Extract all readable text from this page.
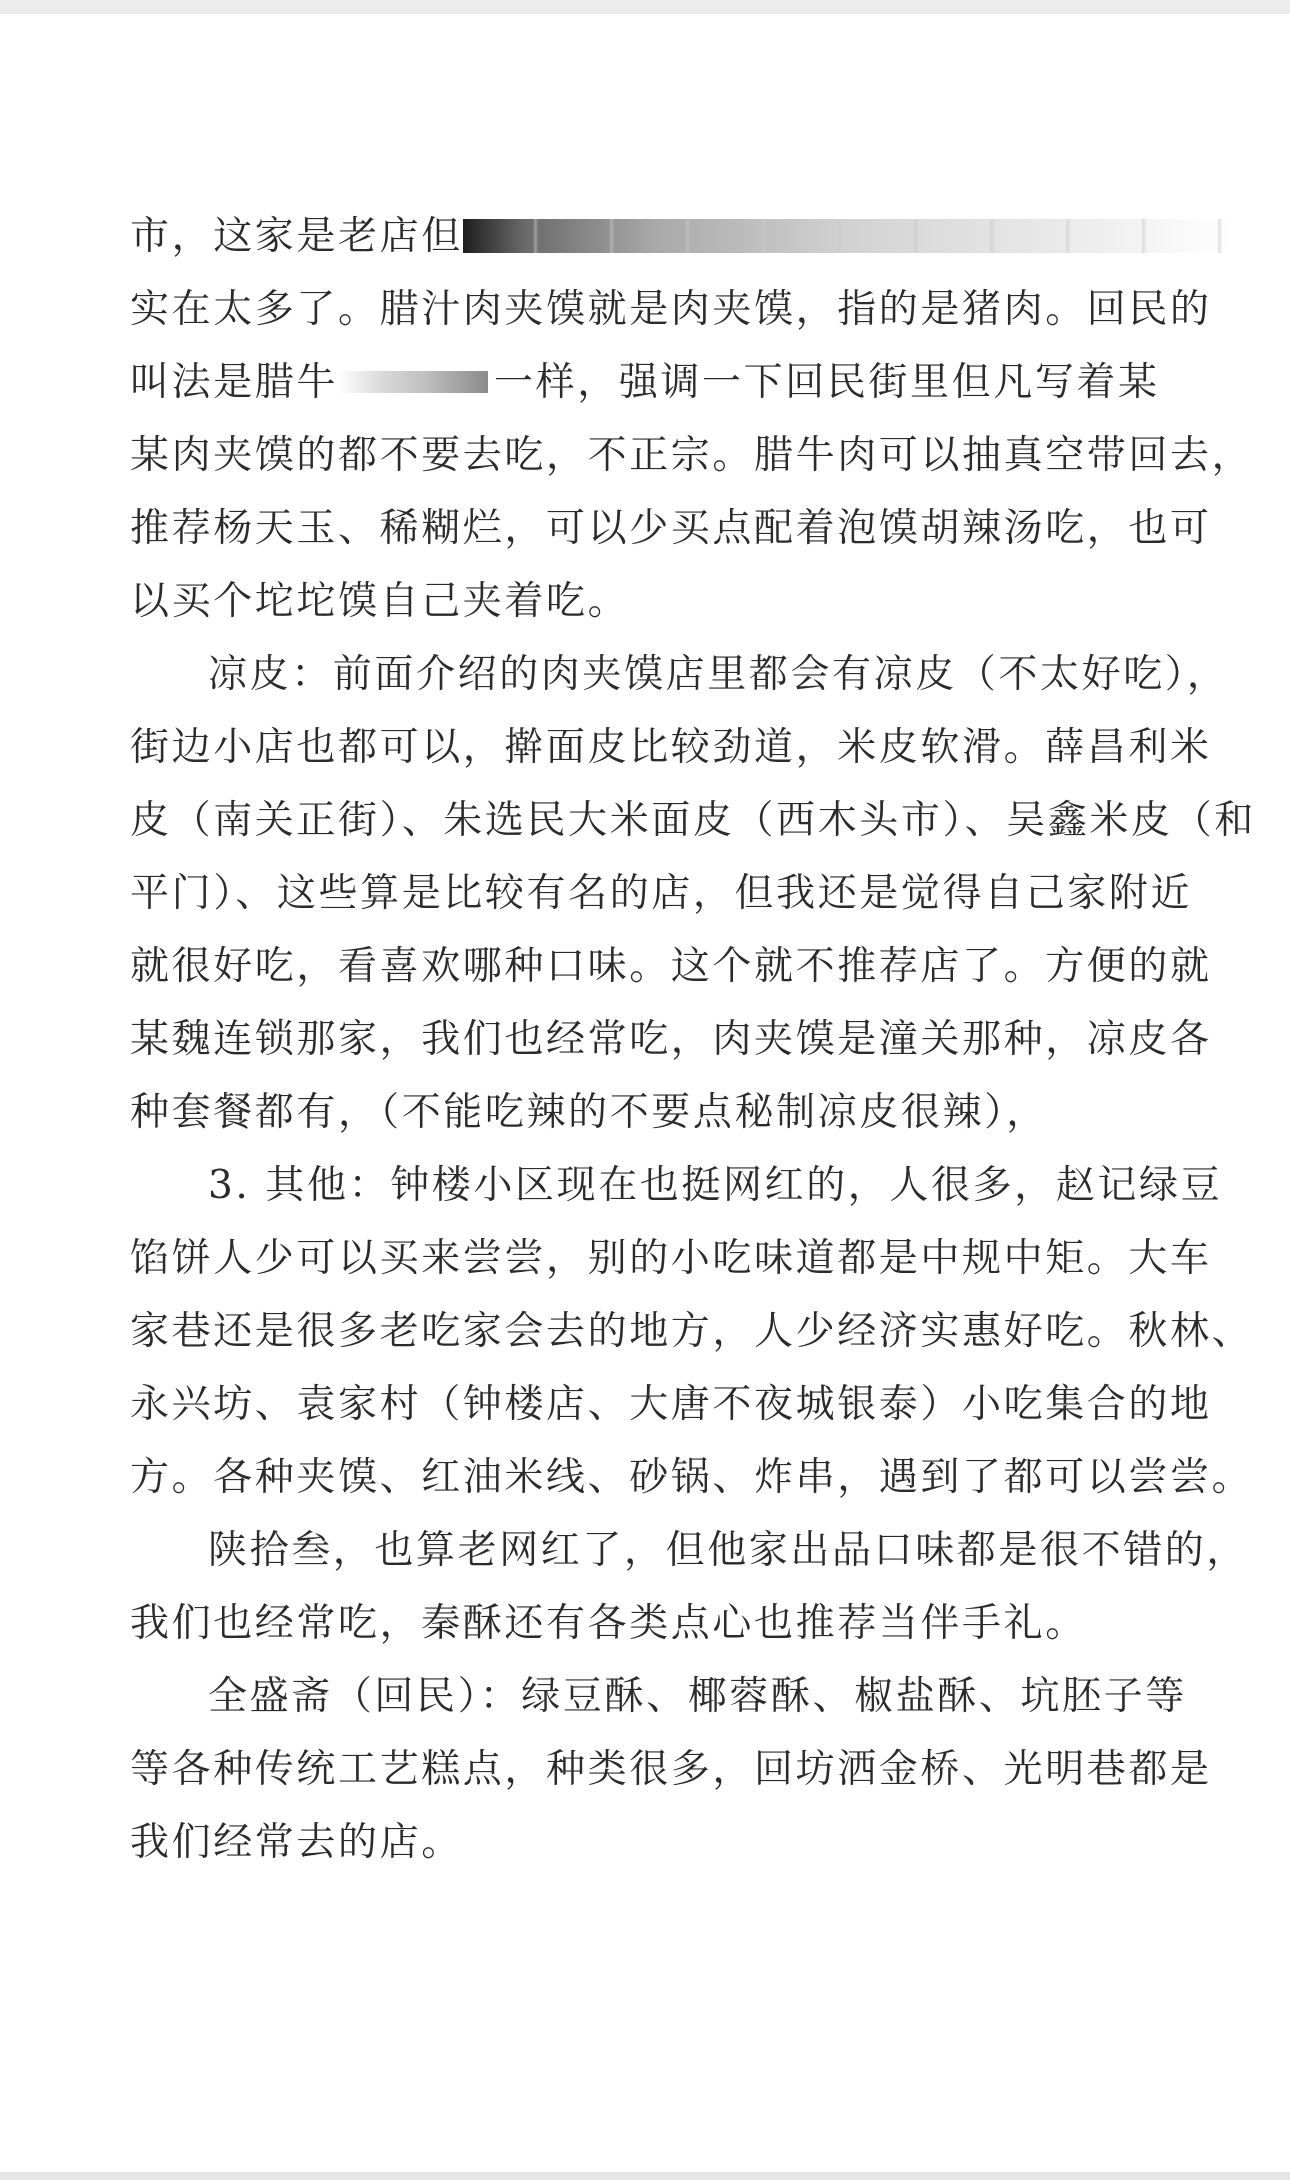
市，这家是老店但
实在太多了。腊汁肉夹馍就是肉夹馍，指的是猪肉。回民的
叫法是腊牛	一样，强调一下回民街里但凡写着某
某肉夹馍的都不要去吃，不正宗。腊牛肉可以抽真空带回去，
推荐杨天玉、稀糊烂，可以少买点配着泡馍胡辣汤吃，也可
以买个坨坨馍自己夹着吃。
凉皮：前面介绍的肉夹馍店里都会有凉皮（不太好吃），
街边小店也都可以，擀面皮比较劲道，米皮软滑。薛昌利米
皮（南关正街）、朱选民大米面皮（西木头市）、吴鑫米皮（和
平门）、这些算是比较有名的店，但我还是觉得自己家附近
就很好吃，看喜欢哪种口味。这个就不推荐店了。方便的就
某魏连锁那家，我们也经常吃，肉夹馍是潼关那种，凉皮各
种套餐都有，（不能吃辣的不要点秘制凉皮很辣），
3. 其他：钟楼小区现在也挺网红的，人很多，赵记绿豆
馅饼人少可以买来尝尝，别的小吃味道都是中规中矩。大车
家巷还是很多老吃家会去的地方，人少经济实惠好吃。秋林、
永兴坊、袁家村（钟楼店、大唐不夜城银泰）小吃集合的地
方。各种夹馍、红油米线、砂锅、炸串，遇到了都可以尝尝。
陕拾叁，也算老网红了，但他家出品口味都是很不错的，
我们也经常吃，秦酥还有各类点心也推荐当伴手礼。
全盛斋（回民）：绿豆酥、椰蓉酥、椒盐酥、坑胚子等
等各种传统工艺糕点，种类很多，回坊洒金桥、光明巷都是
我们经常去的店。
